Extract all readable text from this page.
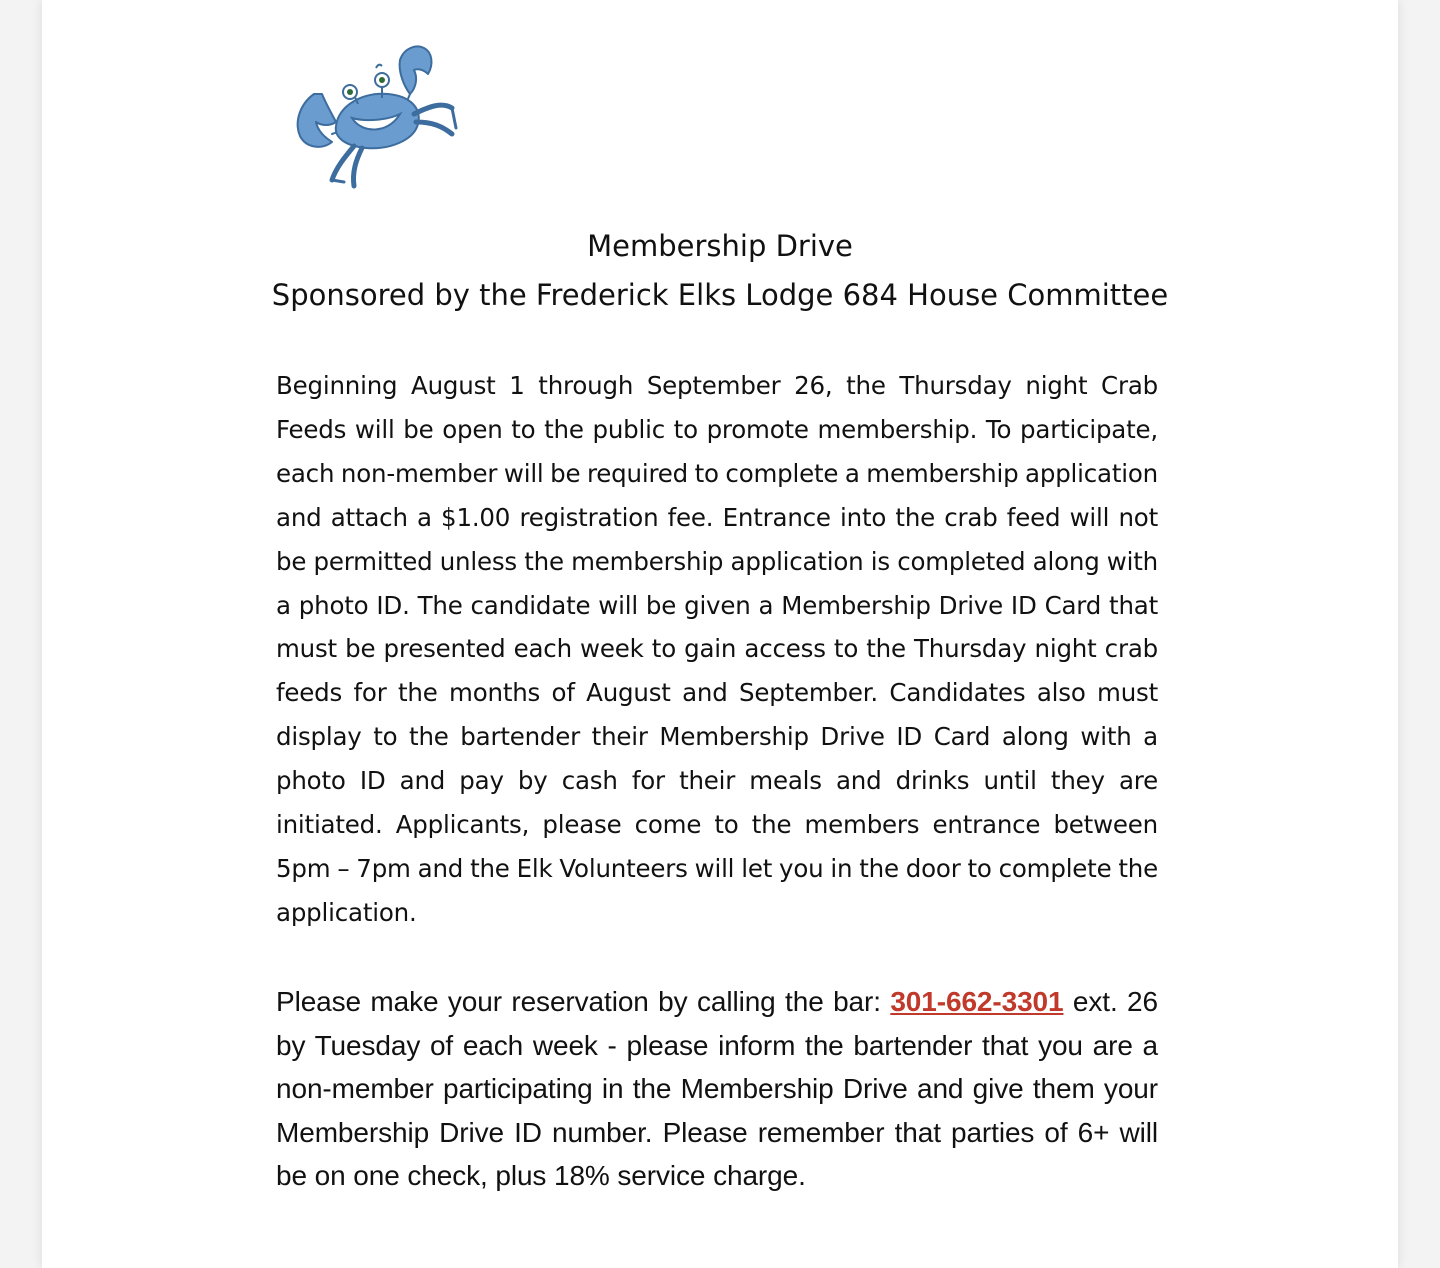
Membership Drive
Sponsored by the Frederick Elks Lodge 684 House Committee

Beginning August 1 through September 26, the Thursday night Crab Feeds will be open to the public to promote membership. To participate, each non-member will be required to complete a membership application and attach a $1.00 registration fee. Entrance into the crab feed will not be permitted unless the membership application is completed along with a photo ID. The candidate will be given a Membership Drive ID Card that must be presented each week to gain access to the Thursday night crab feeds for the months of August and September. Candidates also must display to the bartender their Membership Drive ID Card along with a photo ID and pay by cash for their meals and drinks until they are initiated. Applicants, please come to the members entrance between 5pm – 7pm and the Elk Volunteers will let you in the door to complete the application.

Please make your reservation by calling the bar: 301-662-3301 ext. 26 by Tuesday of each week - please inform the bartender that you are a non-member participating in the Membership Drive and give them your Membership Drive ID number. Please remember that parties of 6+ will be on one check, plus 18% service charge.
